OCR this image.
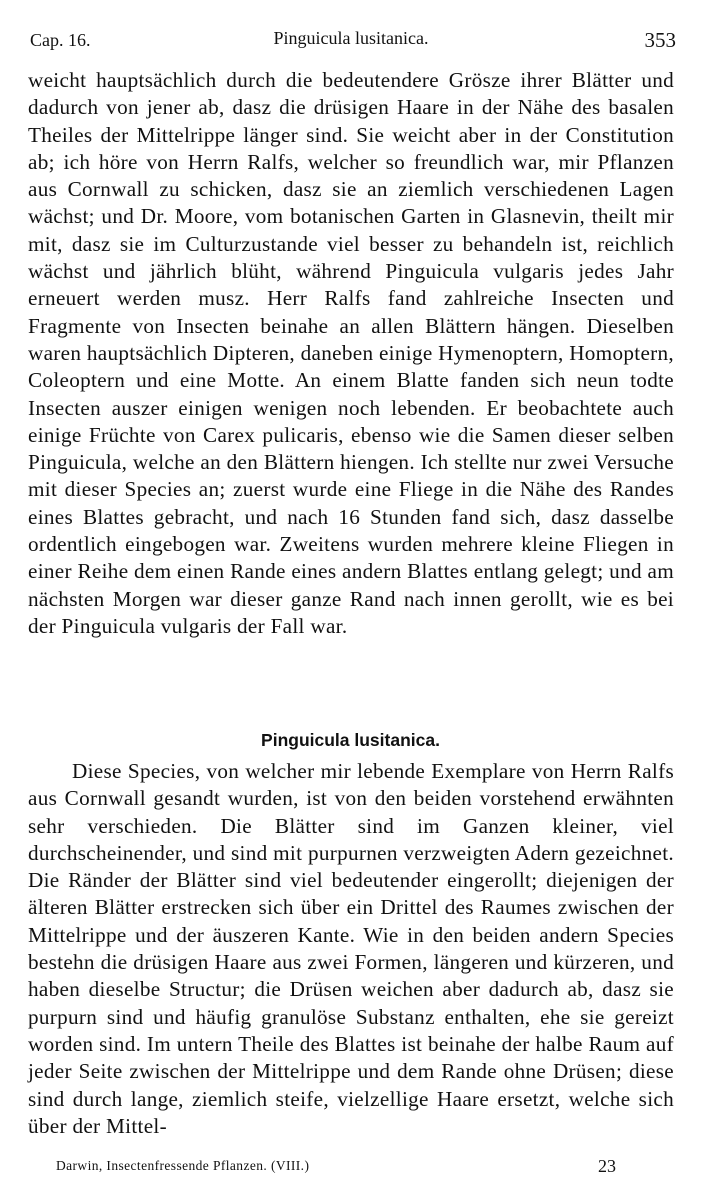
Cap. 16.	Pinguicula lusitanica.	353

weicht hauptsächlich durch die bedeutendere Grösze ihrer Blätter und dadurch von jener ab, dasz die drüsigen Haare in der Nähe des basalen Theiles der Mittelrippe länger sind. Sie weicht aber in der Constitution ab; ich höre von Herrn Ralfs, welcher so freundlich war, mir Pflanzen aus Cornwall zu schicken, dasz sie an ziemlich verschiedenen Lagen wächst; und Dr. Moore, vom botanischen Garten in Glasnevin, theilt mir mit, dasz sie im Culturzustande viel besser zu behandeln ist, reichlich wächst und jährlich blüht, während Pinguicula vulgaris jedes Jahr erneuert werden musz. Herr Ralfs fand zahlreiche Insecten und Fragmente von Insecten beinahe an allen Blättern hängen. Dieselben waren hauptsächlich Dipteren, daneben einige Hymenoptern, Homoptern, Coleoptern und eine Motte. An einem Blatte fanden sich neun todte Insecten auszer einigen wenigen noch lebenden. Er beobachtete auch einige Früchte von Carex pulicaris, ebenso wie die Samen dieser selben Pinguicula, welche an den Blättern hiengen. Ich stellte nur zwei Versuche mit dieser Species an; zuerst wurde eine Fliege in die Nähe des Randes eines Blattes gebracht, und nach 16 Stunden fand sich, dasz dasselbe ordentlich eingebogen war. Zweitens wurden mehrere kleine Fliegen in einer Reihe dem einen Rande eines andern Blattes entlang gelegt; und am nächsten Morgen war dieser ganze Rand nach innen gerollt, wie es bei der Pinguicula vulgaris der Fall war.

Pinguicula lusitanica.

Diese Species, von welcher mir lebende Exemplare von Herrn Ralfs aus Cornwall gesandt wurden, ist von den beiden vorstehend erwähnten sehr verschieden. Die Blätter sind im Ganzen kleiner, viel durchscheinender, und sind mit purpurnen verzweigten Adern gezeichnet. Die Ränder der Blätter sind viel bedeutender eingerollt; diejenigen der älteren Blätter erstrecken sich über ein Drittel des Raumes zwischen der Mittelrippe und der äuszeren Kante. Wie in den beiden andern Species bestehn die drüsigen Haare aus zwei Formen, längeren und kürzeren, und haben dieselbe Structur; die Drüsen weichen aber dadurch ab, dasz sie purpurn sind und häufig granulöse Substanz enthalten, ehe sie gereizt worden sind. Im untern Theile des Blattes ist beinahe der halbe Raum auf jeder Seite zwischen der Mittelrippe und dem Rande ohne Drüsen; diese sind durch lange, ziemlich steife, vielzellige Haare ersetzt, welche sich über der Mittel-

Darwin, Insectenfressende Pflanzen. (VIII.)	23
